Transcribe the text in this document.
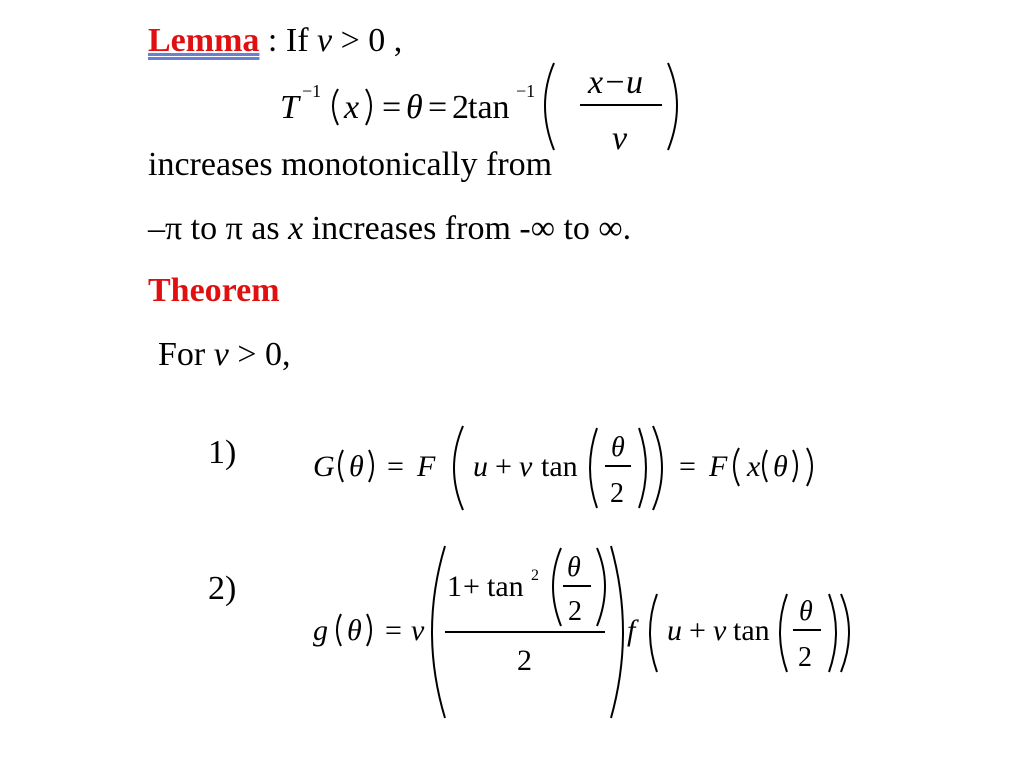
Lemma : If v > 0 ,
T −1 x = θ = 2 tan −1 x−u
v
increases monotonically from
–π to π as x increases from -∞ to ∞.
Theorem
For v > 0,
1)	G θ = F u + v tan
θ
2
= F x θ
2)
g θ = v
1 + tan 2 θ
2
2
f u + v tan
θ
2
